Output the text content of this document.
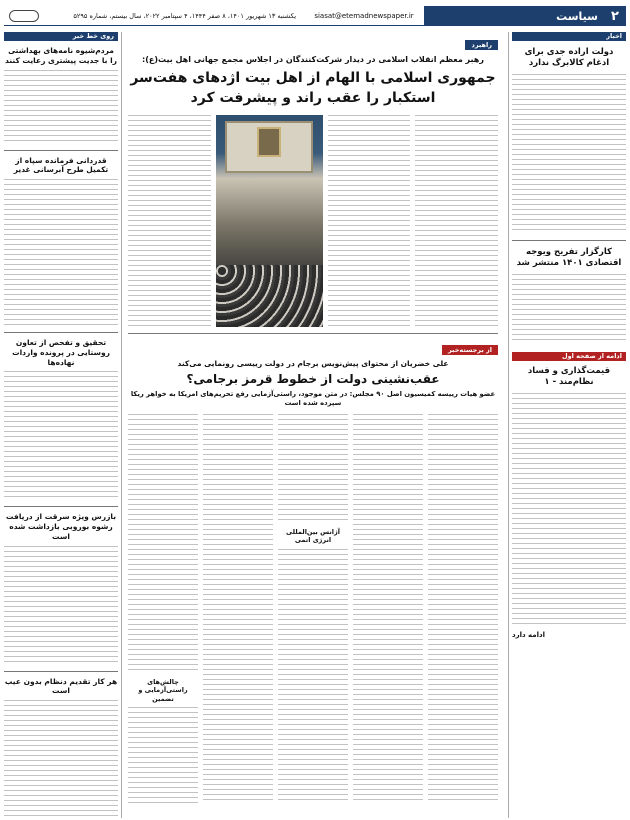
۲
سیاست
siasat@etemadnewspaper.ir
یکشنبه ۱۳ شهریور ۱۴۰۱، ۸ صفر ۱۴۴۴، ۴ سپتامبر ۲۰۲۲، سال بیستم، شماره ۵۲۹۵
اخبار
دولت اراده جدی برای ادغام کالابرگ ندارد
کارگزار تفریح ویوجه اقتصادی ۱۴۰۱ منتشر شد
ادامه از صفحه اول
قیمت‌گذاری و فساد نظام‌مند - ۱
ادامه دارد
راهبرد
رهبر معظم انقلاب اسلامی در دیدار شرکت‌کنندگان در اجلاس مجمع جهانی اهل بیت(ع):
جمهوری اسلامی با الهام از اهل بیت اژدهای هفت‌سر
استکبار را عقب راند و پیشرفت کرد
از برجسته‌خبر
علی خضریان از محتوای پیش‌نویس برجام در دولت رییسی رونمایی می‌کند
عقب‌نشینی دولت از خطوط قرمز برجامی؟
عضو هیات رییسه کمیسیون اصل ۹۰ مجلس: در متن موجود، راستی‌آزمایی رفع تحریم‌های امریکا به خواهر ریکا سپرده شده است
آژانس بین‌المللی انرژی اتمی
چالش‌های راستی‌آزمایی و تضمین
روی خط خبر
مردم‌شیوه نامه‌های بهداشتی را با جدیت پیشتری رعایت کنند
قدردانی فرمانده سپاه از تکمیل طرح آبرسانی غدیر
تحقیق و تفحص از تعاون روستایی در پرونده واردات نهاده‌ها
بازرس ویژه سرقت از دریافت رشوه بوروبی بازداشت شده است
هر کار تقدیم دنظام بدون عیب است
